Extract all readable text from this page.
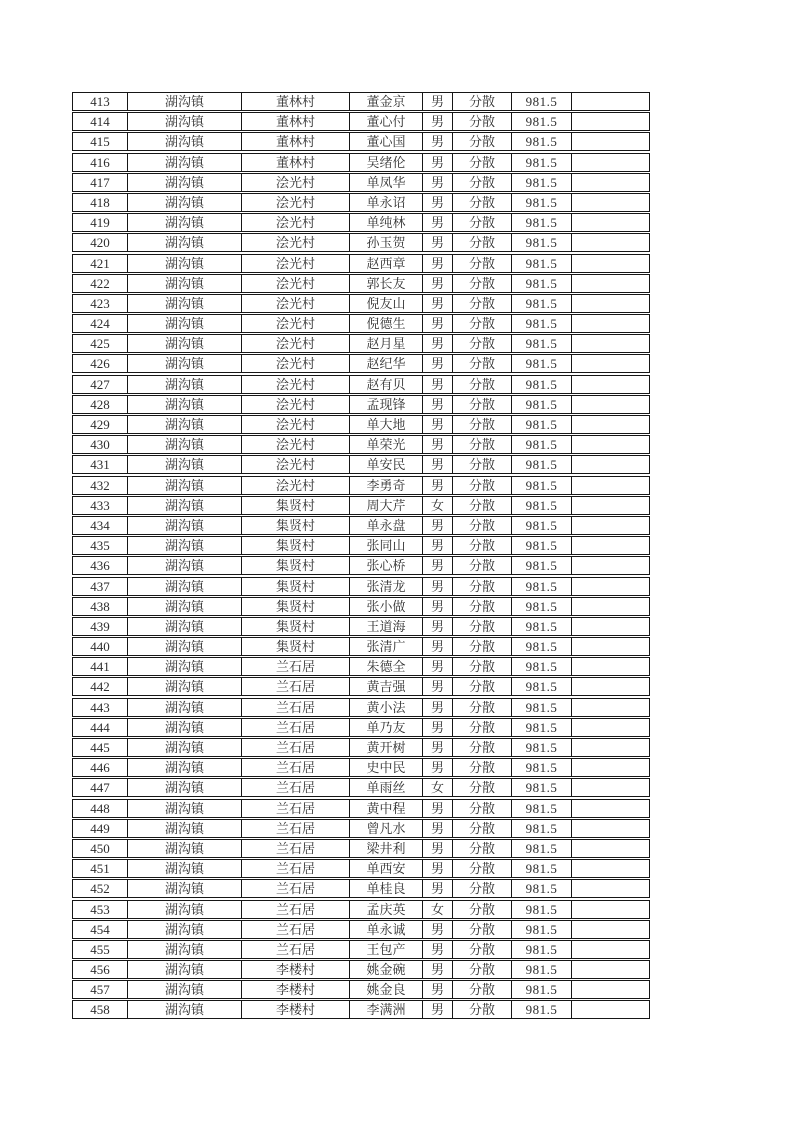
413	湖沟镇	董林村	董金京	男	分散	981.5
414	湖沟镇	董林村	董心付	男	分散	981.5
415	湖沟镇	董林村	董心国	男	分散	981.5
416	湖沟镇	董林村	吴绪伦	男	分散	981.5
417	湖沟镇	浍光村	单凤华	男	分散	981.5
418	湖沟镇	浍光村	单永诏	男	分散	981.5
419	湖沟镇	浍光村	单纯林	男	分散	981.5
420	湖沟镇	浍光村	孙玉贺	男	分散	981.5
421	湖沟镇	浍光村	赵西章	男	分散	981.5
422	湖沟镇	浍光村	郭长友	男	分散	981.5
423	湖沟镇	浍光村	倪友山	男	分散	981.5
424	湖沟镇	浍光村	倪德生	男	分散	981.5
425	湖沟镇	浍光村	赵月星	男	分散	981.5
426	湖沟镇	浍光村	赵纪华	男	分散	981.5
427	湖沟镇	浍光村	赵有贝	男	分散	981.5
428	湖沟镇	浍光村	孟现锋	男	分散	981.5
429	湖沟镇	浍光村	单大地	男	分散	981.5
430	湖沟镇	浍光村	单荣光	男	分散	981.5
431	湖沟镇	浍光村	单安民	男	分散	981.5
432	湖沟镇	浍光村	李勇奇	男	分散	981.5
433	湖沟镇	集贤村	周大芹	女	分散	981.5
434	湖沟镇	集贤村	单永盘	男	分散	981.5
435	湖沟镇	集贤村	张同山	男	分散	981.5
436	湖沟镇	集贤村	张心桥	男	分散	981.5
437	湖沟镇	集贤村	张清龙	男	分散	981.5
438	湖沟镇	集贤村	张小做	男	分散	981.5
439	湖沟镇	集贤村	王道海	男	分散	981.5
440	湖沟镇	集贤村	张清广	男	分散	981.5
441	湖沟镇	兰石居	朱德全	男	分散	981.5
442	湖沟镇	兰石居	黄吉强	男	分散	981.5
443	湖沟镇	兰石居	黄小法	男	分散	981.5
444	湖沟镇	兰石居	单乃友	男	分散	981.5
445	湖沟镇	兰石居	黄开树	男	分散	981.5
446	湖沟镇	兰石居	史中民	男	分散	981.5
447	湖沟镇	兰石居	单雨丝	女	分散	981.5
448	湖沟镇	兰石居	黄中程	男	分散	981.5
449	湖沟镇	兰石居	曾凡水	男	分散	981.5
450	湖沟镇	兰石居	梁井利	男	分散	981.5
451	湖沟镇	兰石居	单西安	男	分散	981.5
452	湖沟镇	兰石居	单桂良	男	分散	981.5
453	湖沟镇	兰石居	孟庆英	女	分散	981.5
454	湖沟镇	兰石居	单永诚	男	分散	981.5
455	湖沟镇	兰石居	王包产	男	分散	981.5
456	湖沟镇	李楼村	姚金碗	男	分散	981.5
457	湖沟镇	李楼村	姚金良	男	分散	981.5
458	湖沟镇	李楼村	李满洲	男	分散	981.5
